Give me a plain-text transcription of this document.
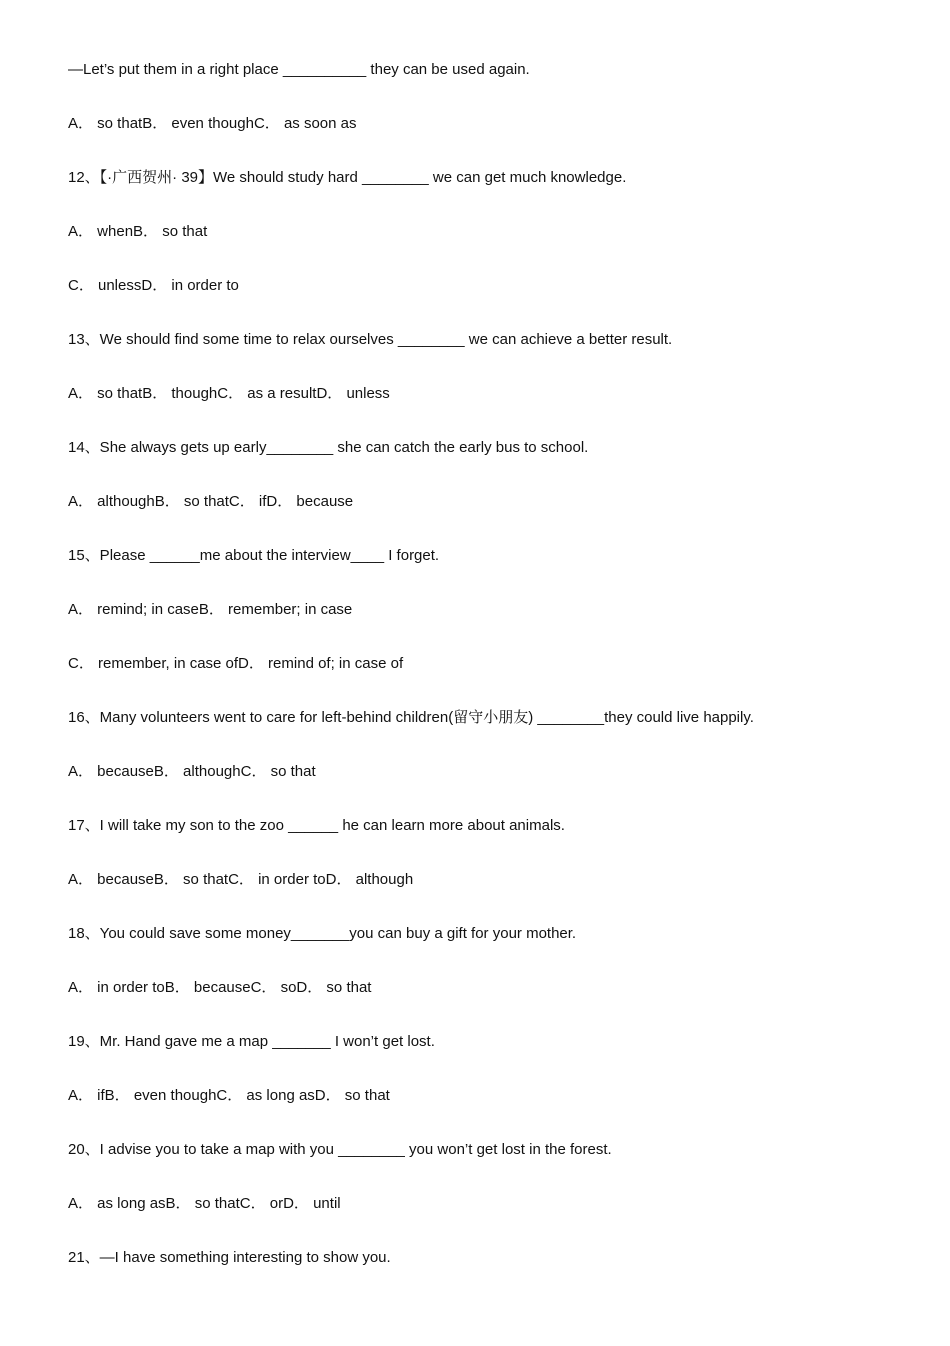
—Let’s put them in a right place __________ they can be used again.
A． so thatB． even thoughC． as soon as
12、【·广西贺州· 39】We should study hard ________ we can get much knowledge.
A． whenB． so that
C． unlessD． in order to
13、We should find some time to relax ourselves ________ we can achieve a better result.
A． so thatB． thoughC． as a resultD． unless
14、She always gets up early________ she can catch the early bus to school.
A． althoughB． so thatC． ifD． because
15、Please ______me about the interview____ I forget.
A． remind; in caseB． remember; in case
C． remember, in case ofD． remind of; in case of
16、Many volunteers went to care for left-behind children(留守小朋友) ________they could live happily.
A． becauseB． althoughC． so that
17、I will take my son to the zoo ______ he can learn more about animals.
A． becauseB． so thatC． in order toD． although
18、You could save some money_______you can buy a gift for your mother.
A． in order toB． becauseC． soD． so that
19、Mr. Hand gave me a map _______ I won’t get lost.
A． ifB． even thoughC． as long asD． so that
20、I advise you to take a map with you ________ you won’t get lost in the forest.
A． as long asB． so thatC． orD． until
21、—I have something interesting to show you.
